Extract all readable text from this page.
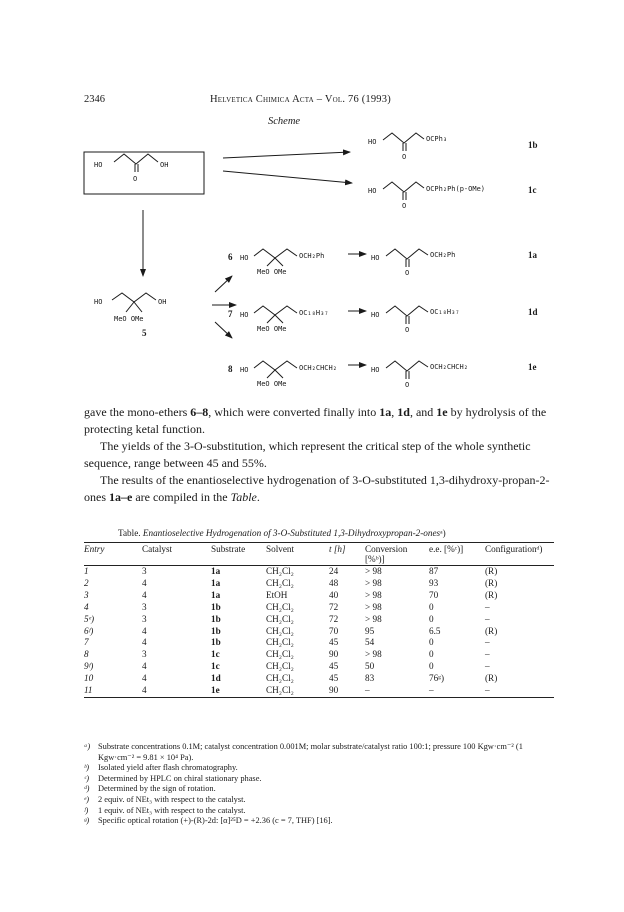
2346	Helvetica Chimica Acta – Vol. 76 (1993)
Scheme
HO	OH
O
HO	OCPh₃
O
1b
HO	OCPh₂Ph(p-OMe)
O
1c
HO	OH
MeO OMe
5
6 HO	OCH₂Ph
MeO OMe
7 HO	OC₁₈H₃₇
MeO OMe
8 HO	OCH₂CHCH₂
MeO OMe
HO	OCH₂Ph
O
1a
HO	OC₁₈H₃₇
O
1d
HO	OCH₂CHCH₂
O
1e

gave the mono-ethers 6–8, which were converted finally into 1a, 1d, and 1e by hydrolysis of the protecting ketal function.

The yields of the 3-O-substitution, which represent the critical step of the whole synthetic sequence, range between 45 and 55%.

The results of the enantioselective hydrogenation of 3-O-substituted 1,3-dihydroxy-propan-2-ones 1a–e are compiled in the Table.

Table. Enantioselective Hydrogenation of 3-O-Substituted 1,3-Dihydroxypropan-2-onesᵃ)
Entry	Catalyst	Substrate	Solvent	t [h]	Conversion
[%ᵇ)]	e.e. [%ᶜ)]	Configurationᵈ)
1	3	1a	CH₂Cl₂	24	> 98	87	(R)
2	4	1a	CH₂Cl₂	48	> 98	93	(R)
3	4	1a	EtOH	40	> 98	70	(R)
4	3	1b	CH₂Cl₂	72	> 98	0	–
5ᵉ)	3	1b	CH₂Cl₂	72	> 98	0	–
6ᶠ)	4	1b	CH₂Cl₂	70	95	6.5	(R)
7	4	1b	CH₂Cl₂	45	54	0	–
8	3	1c	CH₂Cl₂	90	> 98	0	–
9ᶠ)	4	1c	CH₂Cl₂	45	50	0	–
10	4	1d	CH₂Cl₂	45	83	76ᵍ)	(R)
11	4	1e	CH₂Cl₂	90	–	–	–
ᵃ) Substrate concentrations 0.1M; catalyst concentration 0.001M; molar substrate/catalyst ratio 100:1; pressure 100 Kgw·cm⁻² (1 Kgw·cm⁻² = 9.81 × 10⁴ Pa).
ᵇ) Isolated yield after flash chromatography.
ᶜ) Determined by HPLC on chiral stationary phase.
ᵈ) Determined by the sign of rotation.
ᵉ) 2 equiv. of NEt₃ with respect to the catalyst.
ᶠ) 1 equiv. of NEt₃ with respect to the catalyst.
ᵍ) Specific optical rotation (+)-(R)-2d: [α]²⁵D = +2.36 (c = 7, THF) [16].
